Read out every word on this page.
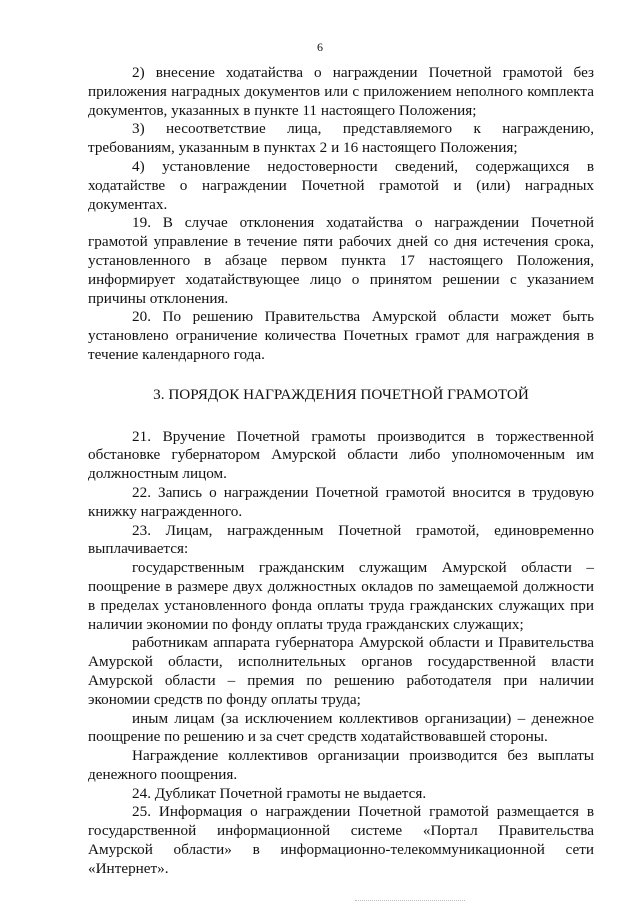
6

2) внесение ходатайства о награждении Почетной грамотой без приложения наградных документов или с приложением неполного комплекта документов, указанных в пункте 11 настоящего Положения;

3) несоответствие лица, представляемого к награждению, требованиям, указанным в пунктах 2 и 16 настоящего Положения;

4) установление недостоверности сведений, содержащихся в ходатайстве о награждении Почетной грамотой и (или) наградных документах.

19. В случае отклонения ходатайства о награждении Почетной грамотой управление в течение пяти рабочих дней со дня истечения срока, установленного в абзаце первом пункта 17 настоящего Положения, информирует ходатайствующее лицо о принятом решении с указанием причины отклонения.

20. По решению Правительства Амурской области может быть установлено ограничение количества Почетных грамот для награждения в течение календарного года.

3. ПОРЯДОК НАГРАЖДЕНИЯ ПОЧЕТНОЙ ГРАМОТОЙ

21. Вручение Почетной грамоты производится в торжественной обстановке губернатором Амурской области либо уполномоченным им должностным лицом.

22. Запись о награждении Почетной грамотой вносится в трудовую книжку награжденного.

23. Лицам, награжденным Почетной грамотой, единовременно выплачивается:

государственным гражданским служащим Амурской области – поощрение в размере двух должностных окладов по замещаемой должности в пределах установленного фонда оплаты труда гражданских служащих при наличии экономии по фонду оплаты труда гражданских служащих;

работникам аппарата губернатора Амурской области и Правительства Амурской области, исполнительных органов государственной власти Амурской области – премия по решению работодателя при наличии экономии средств по фонду оплаты труда;

иным лицам (за исключением коллективов организации) – денежное поощрение по решению и за счет средств ходатайствовавшей стороны.

Награждение коллективов организации производится без выплаты денежного поощрения.

24. Дубликат Почетной грамоты не выдается.

25. Информация о награждении Почетной грамотой размещается в государственной информационной системе «Портал Правительства Амурской области» в информационно-телекоммуникационной сети «Интернет».
